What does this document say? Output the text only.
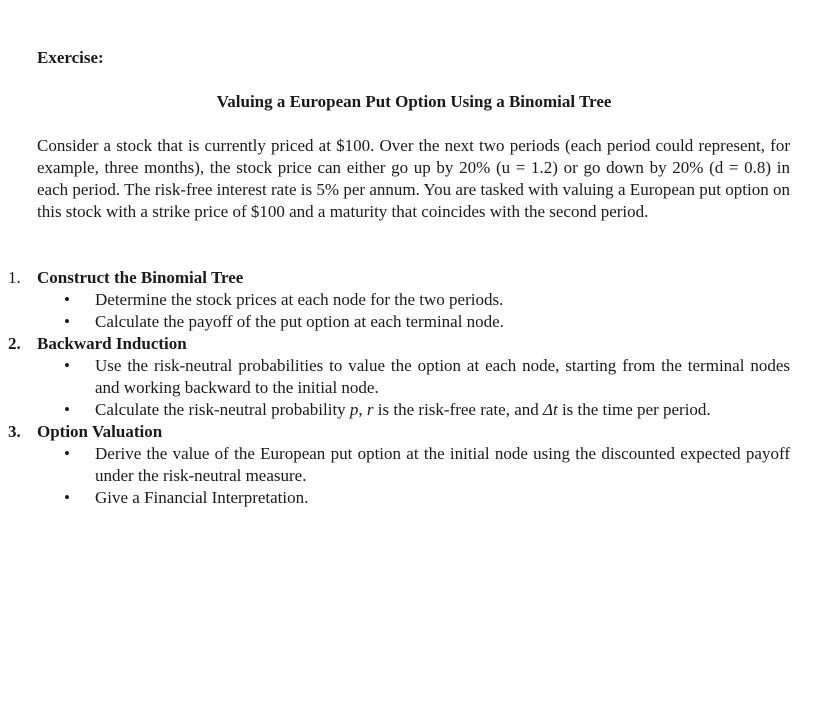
Exercise:
Valuing a European Put Option Using a Binomial Tree

Consider a stock that is currently priced at $100. Over the next two periods (each period could represent, for example, three months), the stock price can either go up by 20% (u = 1.2) or go down by 20% (d = 0.8) in each period. The risk-free interest rate is 5% per annum. You are tasked with valuing a European put option on this stock with a strike price of $100 and a maturity that coincides with the second period.

1. Construct the Binomial Tree
• Determine the stock prices at each node for the two periods.
• Calculate the payoff of the put option at each terminal node.
2. Backward Induction
• Use the risk-neutral probabilities to value the option at each node, starting from the terminal nodes and working backward to the initial node.
• Calculate the risk-neutral probability p, r is the risk-free rate, and Δt is the time per period.
3. Option Valuation
• Derive the value of the European put option at the initial node using the discounted expected payoff under the risk-neutral measure.
• Give a Financial Interpretation.
